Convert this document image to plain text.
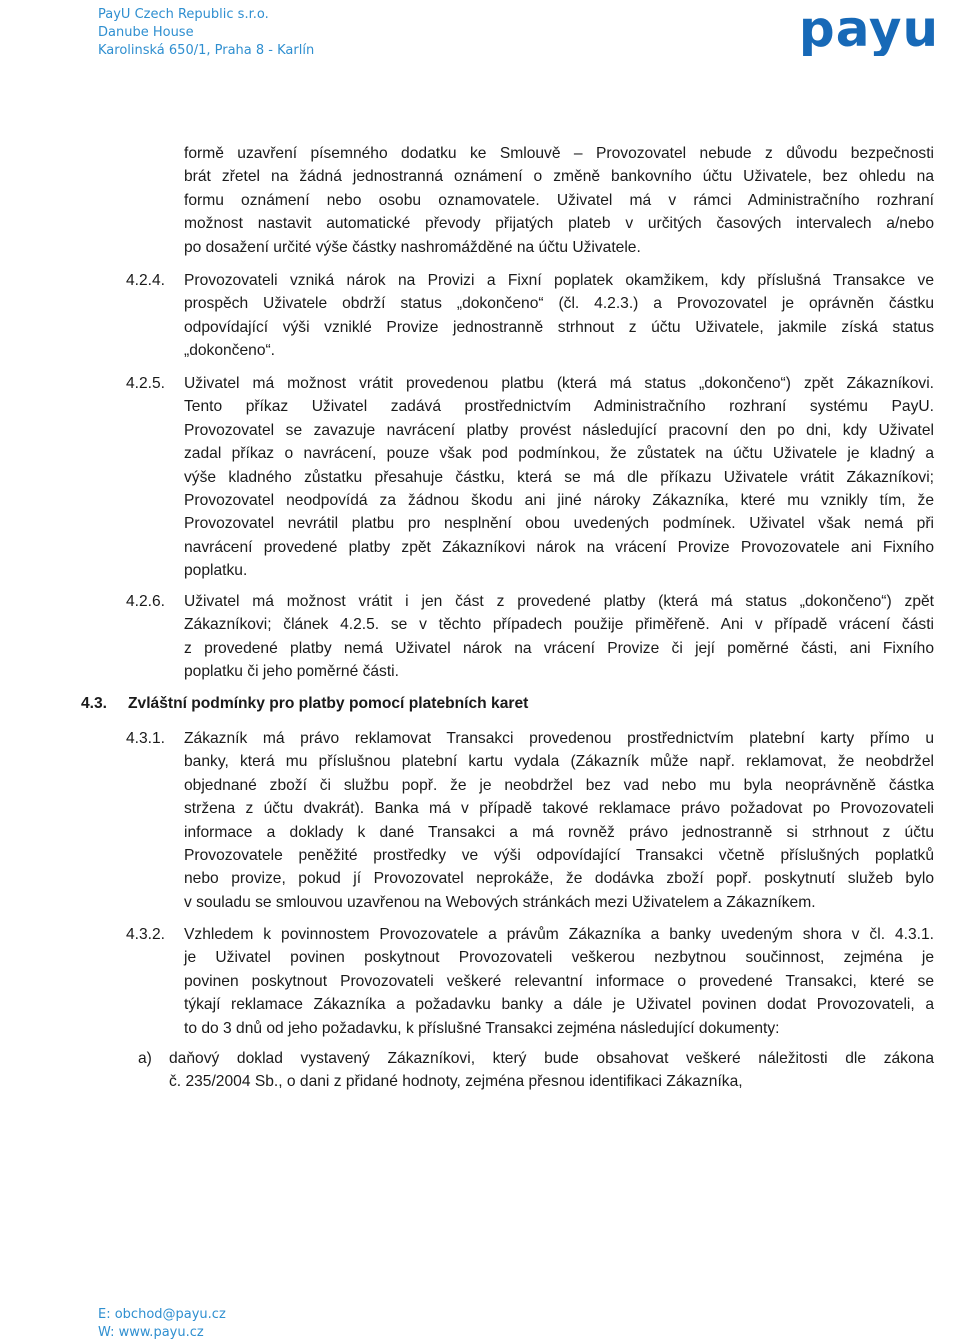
PayU Czech Republic s.r.o.
Danube House
Karolinská 650/1, Praha 8 - Karlín	payu
formě uzavření písemného dodatku ke Smlouvě – Provozovatel nebude z důvodu bezpečnosti
brát zřetel na žádná jednostranná oznámení o změně bankovního účtu Uživatele, bez ohledu na
formu oznámení nebo osobu oznamovatele. Uživatel má v rámci Administračního rozhraní
možnost nastavit automatické převody přijatých plateb v určitých časových intervalech a/nebo
po dosažení určité výše částky nashromážděné na účtu Uživatele.
4.2.4. Provozovateli vzniká nárok na Provizi a Fixní poplatek okamžikem, kdy příslušná Transakce ve
prospěch Uživatele obdrží status „dokončeno“ (čl. 4.2.3.) a Provozovatel je oprávněn částku
odpovídající výši vzniklé Provize jednostranně strhnout z účtu Uživatele, jakmile získá status
„dokončeno“.
4.2.5. Uživatel má možnost vrátit provedenou platbu (která má status „dokončeno“) zpět Zákazníkovi.
Tento příkaz Uživatel zadává prostřednictvím Administračního rozhraní systému PayU.
Provozovatel se zavazuje navrácení platby provést následující pracovní den po dni, kdy Uživatel
zadal příkaz o navrácení, pouze však pod podmínkou, že zůstatek na účtu Uživatele je kladný a
výše kladného zůstatku přesahuje částku, která se má dle příkazu Uživatele vrátit Zákazníkovi;
Provozovatel neodpovídá za žádnou škodu ani jiné nároky Zákazníka, které mu vznikly tím, že
Provozovatel nevrátil platbu pro nesplnění obou uvedených podmínek. Uživatel však nemá při
navrácení provedené platby zpět Zákazníkovi nárok na vrácení Provize Provozovatele ani Fixního
poplatku.
4.2.6. Uživatel má možnost vrátit i jen část z provedené platby (která má status „dokončeno“) zpět
Zákazníkovi; článek 4.2.5. se v těchto případech použije přiměřeně. Ani v případě vrácení části
z provedené platby nemá Uživatel nárok na vrácení Provize či její poměrné části, ani Fixního
poplatku či jeho poměrné části.
4.3. Zvláštní podmínky pro platby pomocí platebních karet
4.3.1. Zákazník má právo reklamovat Transakci provedenou prostřednictvím platební karty přímo u
banky, která mu příslušnou platební kartu vydala (Zákazník může např. reklamovat, že neobdržel
objednané zboží či službu popř. že je neobdržel bez vad nebo mu byla neoprávněně částka
stržena z účtu dvakrát). Banka má v případě takové reklamace právo požadovat po Provozovateli
informace a doklady k dané Transakci a má rovněž právo jednostranně si strhnout z účtu
Provozovatele peněžité prostředky ve výši odpovídající Transakci včetně příslušných poplatků
nebo provize, pokud jí Provozovatel neprokáže, že dodávka zboží popř. poskytnutí služeb bylo
v souladu se smlouvou uzavřenou na Webových stránkách mezi Uživatelem a Zákazníkem.
4.3.2. Vzhledem k povinnostem Provozovatele a právům Zákazníka a banky uvedeným shora v čl. 4.3.1.
je Uživatel povinen poskytnout Provozovateli veškerou nezbytnou součinnost, zejména je
povinen poskytnout Provozovateli veškeré relevantní informace o provedené Transakci, které se
týkají reklamace Zákazníka a požadavku banky a dále je Uživatel povinen dodat Provozovateli, a
to do 3 dnů od jeho požadavku, k příslušné Transakci zejména následující dokumenty:
a) daňový doklad vystavený Zákazníkovi, který bude obsahovat veškeré náležitosti dle zákona
č. 235/2004 Sb., o dani z přidané hodnoty, zejména přesnou identifikaci Zákazníka,
E: obchod@payu.cz
W: www.payu.cz
